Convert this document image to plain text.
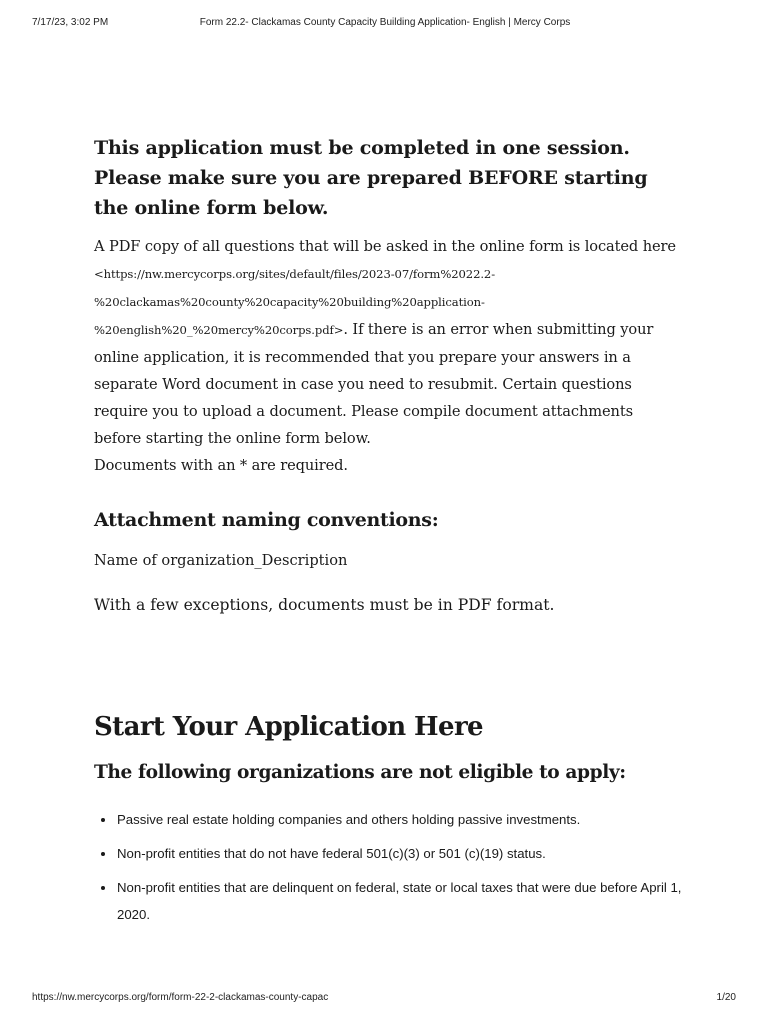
7/17/23, 3:02 PM	Form 22.2- Clackamas County Capacity Building Application- English | Mercy Corps
This application must be completed in one session. Please make sure you are prepared BEFORE starting the online form below.

A PDF copy of all questions that will be asked in the online form is located here <https://nw.mercycorps.org/sites/default/files/2023-07/form%2022.2-%20clackamas%20county%20capacity%20building%20application-%20english%20_%20mercy%20corps.pdf>. If there is an error when submitting your online application, it is recommended that you prepare your answers in a separate Word document in case you need to resubmit. Certain questions require you to upload a document. Please compile document attachments before starting the online form below.
Documents with an * are required.

Attachment naming conventions:

Name of organization_Description

With a few exceptions, documents must be in PDF format.

Start Your Application Here
The following organizations are not eligible to apply:
• Passive real estate holding companies and others holding passive investments.
• Non-profit entities that do not have federal 501(c)(3) or 501 (c)(19) status.
• Non-profit entities that are delinquent on federal, state or local taxes that were due before April 1, 2020.
https://nw.mercycorps.org/form/form-22-2-clackamas-county-capac	1/20
